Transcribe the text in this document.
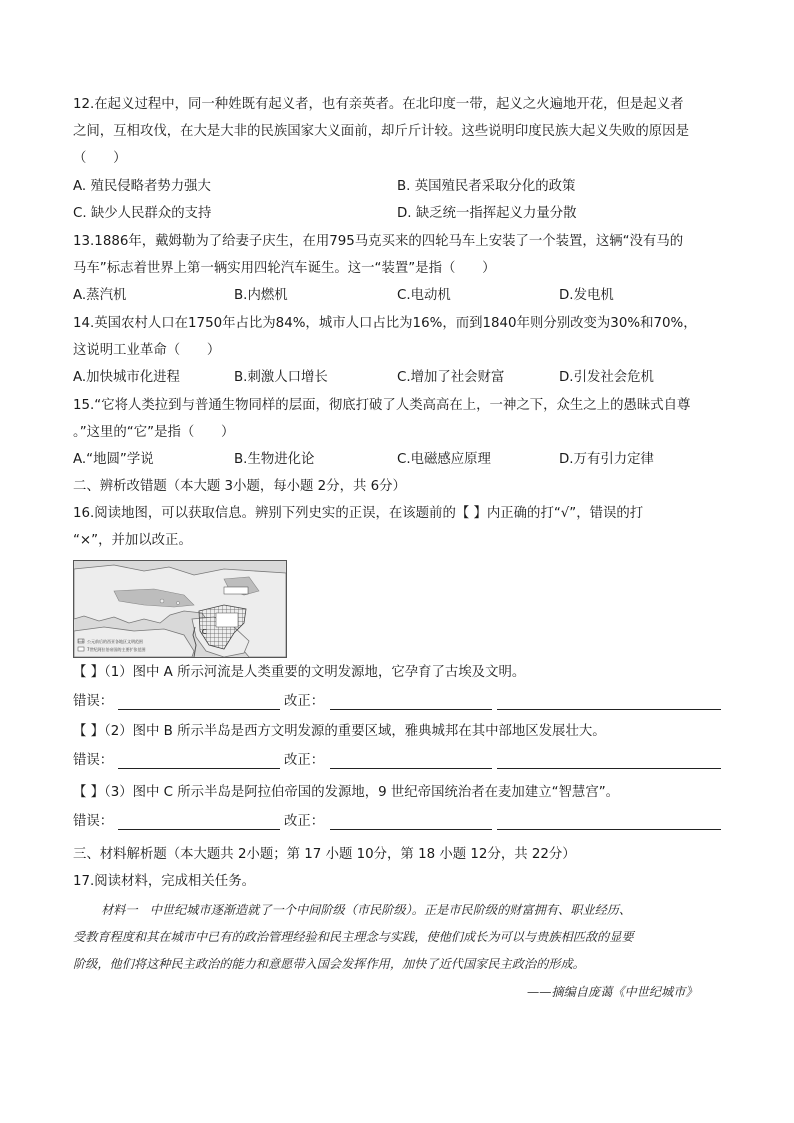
12.在起义过程中，同一种姓既有起义者，也有亲英者。在北印度一带，起义之火遍地开花，但是起义者
之间，互相攻伐，在大是大非的民族国家大义面前，却斤斤计较。这些说明印度民族大起义失败的原因是
（　　）
A. 殖民侵略者势力强大	B. 英国殖民者采取分化的政策
C. 缺少人民群众的支持	D. 缺乏统一指挥起义力量分散
13.1886年，戴姆勒为了给妻子庆生，在用795马克买来的四轮马车上安装了一个装置，这辆“没有马的
马车”标志着世界上第一辆实用四轮汽车诞生。这一“装置”是指（　　）
A.蒸汽机	B.内燃机	C.电动机	D.发电机
14.英国农村人口在1750年占比为84%，城市人口占比为16%，而到1840年则分别改变为30%和70%，
这说明工业革命（　　）
A.加快城市化进程	B.刺激人口增长	C.增加了社会财富	D.引发社会危机
15.“它将人类拉到与普通生物同样的层面，彻底打破了人类高高在上，一神之下，众生之上的愚昧式自尊
。”这里的“它”是指（　　）
A.“地圆”学说	B.生物进化论	C.电磁感应原理	D.万有引力定律
二、辨析改错题（本大题 3小题，每小题 2分，共 6分）
16.阅读地图，可以获取信息。辨别下列史实的正误，在该题前的【 】内正确的打“√”，错误的打
“×”，并加以改正。
C
公元前后的西亚各地区文明范围
7世纪阿拉伯帝国的主要扩张范围
【 】（1）图中 A 所示河流是人类重要的文明发源地，它孕育了古埃及文明。
错误：	改正：
【 】（2）图中 B 所示半岛是西方文明发源的重要区域，雅典城邦在其中部地区发展壮大。
错误：	改正：
【 】（3）图中 C 所示半岛是阿拉伯帝国的发源地，9 世纪帝国统治者在麦加建立“智慧宫”。
错误：	改正：
三、材料解析题（本大题共 2小题；第 17 小题 10分，第 18 小题 12分，共 22分）
17.阅读材料，完成相关任务。
材料一　中世纪城市逐渐造就了一个中间阶级（市民阶级）。正是市民阶级的财富拥有、职业经历、
受教育程度和其在城市中已有的政治管理经验和民主理念与实践，使他们成长为可以与贵族相匹敌的显要
阶级，他们将这种民主政治的能力和意愿带入国会发挥作用，加快了近代国家民主政治的形成。
——摘编自庞蔼《中世纪城市》
